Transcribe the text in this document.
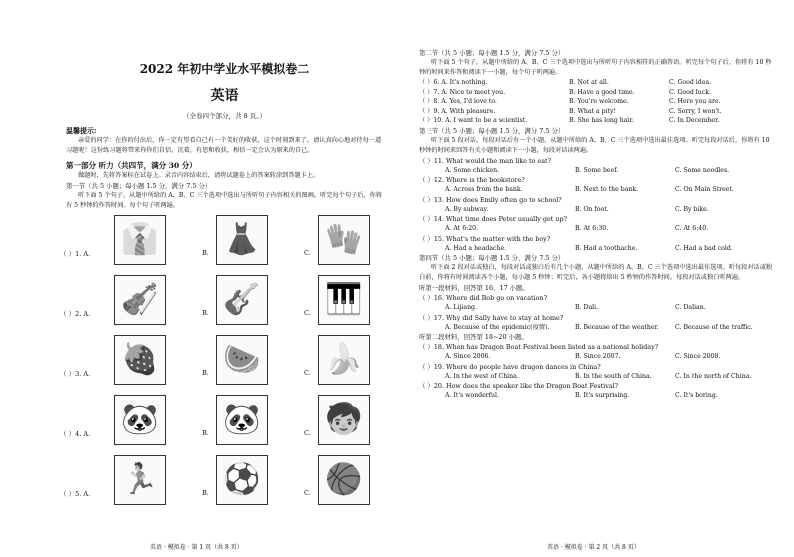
2022 年初中学业水平模拟卷二
英语
（全卷四个部分，共 8 页。）
温馨提示:
亲爱的同学：在你的付出后，你一定有望看自己有一个美好的收获，这个时刻到来了，请认真向心地对待每一道习题呢！这份练习题将带来你你们自信，沉着，有思和收获，相信一定会认为原来的自己。
第一部分 听力（共四节，满分 30 分）
做题时，先将答案标在试卷上。录音内容结束后，请将试题卷上的答案转涂到答题卡上。
第一节（共 5 小题；每小题 1.5 分，满分 7.5 分）
听下面 5 个句子，从题中所给的 A、B、C 三个选项中选出与所听句子内容相关的图画。听完每个句子后，你将有 5 秒钟的作答时间。每个句子听两遍。
（ ）1. A. 👔	B. 👗	C. 🧤
（ ）2. A. 🎻	B. 🎸	C. 🎹
（ ）3. A. 🍓	B. 🍉	C. 🍌
（ ）4. A. 🐼	B. 🐼	C. 🧒
（ ）5. A. 🏃	B. ⚽	C. 🏀
英语 · 模拟卷 · 第 1 页（共 8 页）
第二节（共 5 小题；每小题 1.5 分，满分 7.5 分）
听下面 5 个句子，从题中所给的 A、B、C 三个选项中选出与所听句子内容相符的正确答语。听完每个句子后，你将有 10 秒钟的时间来作答和阅读下一小题，每个句子听两遍。
（ ）6. A. It's nothing.	B. Not at all.	C. Good idea.
（ ）7. A. Nice to meet you.	B. Have a good time.	C. Good luck.
（ ）8. A. Yes, I'd love to.	B. You're welcome.	C. Here you are.
（ ）9. A. With pleasure.	B. What a pity!	C. Sorry, I won't.
（ ）10. A. I want to be a scientist.	B. She has long hair.	C. In December.
第三节（共 5 小题；每小题 1.5 分，满分 7.5 分）
听下面 5 段对话，每段对话后有一个小题，从题中所给的 A、B、C 三个选项中选出最佳选项。听完每段对话后，你将有 10 秒钟的时间来回答有关小题和阅读下一小题，每段对话读两遍。
（ ）11. What would the man like to eat?
A. Some chicken.	B. Some beef.	C. Some noodles.
（ ）12. Where is the bookstore?
A. Across from the bank.	B. Next to the bank.	C. On Main Street.
（ ）13. How does Emily often go to school?
A. By subway.	B. On foot.	C. By bike.
（ ）14. What time does Peter usually get up?
A. At 6:20.	B. At 6:30.	C. At 6:40.
（ ）15. What's the matter with the boy?
A. Had a headache.	B. Had a toothache.	C. Had a bad cold.
第四节（共 5 小题；每小题 1.5 分，满分 7.5 分）
听下面 2 段对话或独白，每段对话或独白后有几个小题，从题中所给的 A、B、C 三个选项中选出最佳选项。听每段对话或独白前，你将有时间阅读各个小题，每小题 5 秒钟；听完后，各小题将给出 5 秒钟的作答时间。每段对话或独白听两遍。
听第一段材料，回答第 16、17 小题。
（ ）16. Where did Bob go on vacation?
A. Lijiang.	B. Dali.	C. Dalian.
（ ）17. Why did Sally have to stay at home?
A. Because of the epidemic(疫情).	B. Because of the weather.	C. Because of the traffic.
听第二段材料，回答第 18~20 小题。
（ ）18. When has Dragon Boat Festival been listed as a national holiday?
A. Since 2006.	B. Since 2007.	C. Since 2008.
（ ）19. Where do people have dragon dances in China?
A. In the west of China.	B. In the south of China.	C. In the north of China.
（ ）20. How does the speaker like the Dragon Boat Festival?
A. It's wonderful.	B. It's surprising.	C. It's boring.
英语 · 模拟卷 · 第 2 页（共 8 页）
